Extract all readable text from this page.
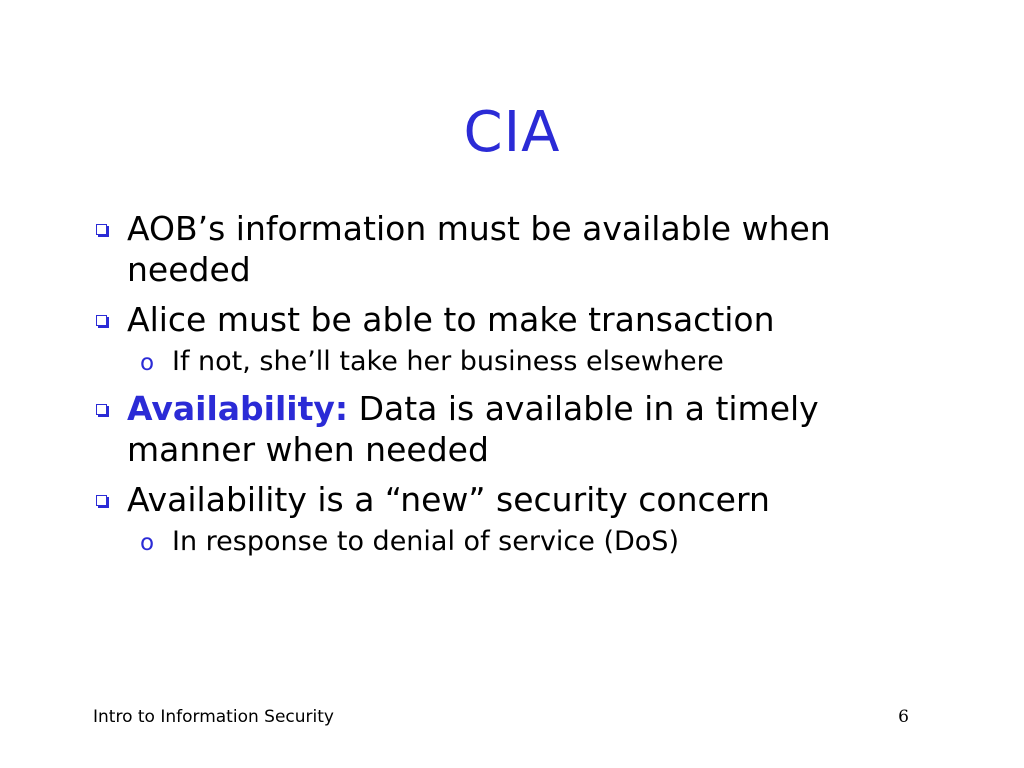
CIA
AOB’s information must be available when needed
Alice must be able to make transaction
o If not, she’ll take her business elsewhere
Availability: Data is available in a timely manner when needed
Availability is a “new” security concern
o In response to denial of service (DoS)
Intro to Information Security	6
